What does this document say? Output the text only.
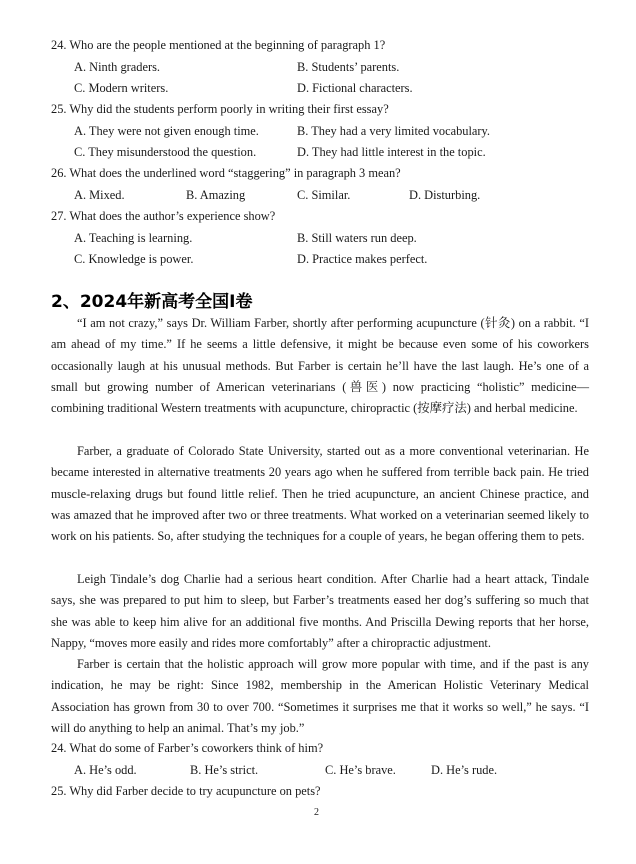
24. Who are the people mentioned at the beginning of paragraph 1?
A. Ninth graders.	B. Students’ parents.
C. Modern writers.	D. Fictional characters.
25. Why did the students perform poorly in writing their first essay?
A. They were not given enough time.	B. They had a very limited vocabulary.
C. They misunderstood the question.	D. They had little interest in the topic.
26. What does the underlined word “staggering” in paragraph 3 mean?
A. Mixed.	B. Amazing	C. Similar.	D. Disturbing.
27. What does the author’s experience show?
A. Teaching is learning.	B. Still waters run deep.
C. Knowledge is power.	D. Practice makes perfect.
2、2024年新高考全国I卷

“I am not crazy,” says Dr. William Farber, shortly after performing acupuncture (针灸) on a rabbit. “I am ahead of my time.” If he seems a little defensive, it might be because even some of his coworkers occasionally laugh at his unusual methods. But Farber is certain he’ll have the last laugh. He’s one of a small but growing number of American veterinarians (兽医) now practicing “holistic” medicine—combining traditional Western treatments with acupuncture, chiropractic (按摩疗法) and herbal medicine.

Farber, a graduate of Colorado State University, started out as a more conventional veterinarian. He became interested in alternative treatments 20 years ago when he suffered from terrible back pain. He tried muscle-relaxing drugs but found little relief. Then he tried acupuncture, an ancient Chinese practice, and was amazed that he improved after two or three treatments. What worked on a veterinarian seemed likely to work on his patients. So, after studying the techniques for a couple of years, he began offering them to pets.

Leigh Tindale’s dog Charlie had a serious heart condition. After Charlie had a heart attack, Tindale says, she was prepared to put him to sleep, but Farber’s treatments eased her dog’s suffering so much that she was able to keep him alive for an additional five months. And Priscilla Dewing reports that her horse, Nappy, “moves more easily and rides more comfortably” after a chiropractic adjustment.

Farber is certain that the holistic approach will grow more popular with time, and if the past is any indication, he may be right: Since 1982, membership in the American Holistic Veterinary Medical Association has grown from 30 to over 700. “Sometimes it surprises me that it works so well,” he says. “I will do anything to help an animal. That’s my job.”

24. What do some of Farber’s coworkers think of him?
A. He’s odd.	B. He’s strict.	C. He’s brave.	D. He’s rude.
25. Why did Farber decide to try acupuncture on pets?
2
